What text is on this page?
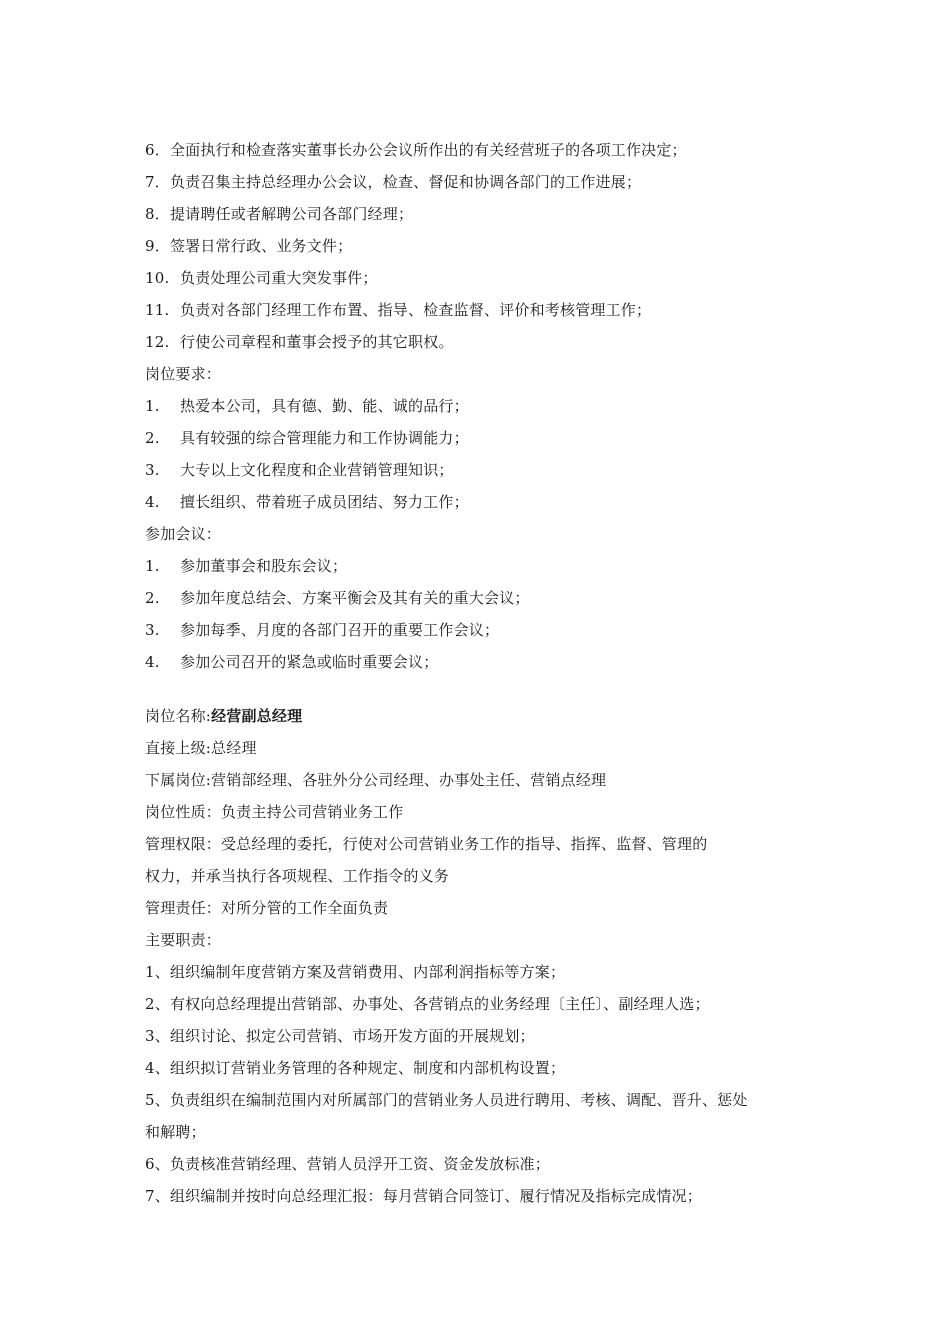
6．全面执行和检查落实董事长办公会议所作出的有关经营班子的各项工作决定；
7．负责召集主持总经理办公会议，检查、督促和协调各部门的工作进展；
8．提请聘任或者解聘公司各部门经理；
9．签署日常行政、业务文件；
10. 负责处理公司重大突发事件；
11. 负责对各部门经理工作布置、指导、检查监督、评价和考核管理工作；
12. 行使公司章程和董事会授予的其它职权。
岗位要求：
1. 热爱本公司，具有德、勤、能、诚的品行；
2. 具有较强的综合管理能力和工作协调能力；
3. 大专以上文化程度和企业营销管理知识；
4. 擅长组织、带着班子成员团结、努力工作；
参加会议：
1. 参加董事会和股东会议；
2. 参加年度总结会、方案平衡会及其有关的重大会议；
3. 参加每季、月度的各部门召开的重要工作会议；
4. 参加公司召开的紧急或临时重要会议；
岗位名称:经营副总经理
直接上级:总经理
下属岗位:营销部经理、各驻外分公司经理、办事处主任、营销点经理
岗位性质：负责主持公司营销业务工作
管理权限：受总经理的委托，行使对公司营销业务工作的指导、指挥、监督、管理的
权力，并承当执行各项规程、工作指令的义务
管理责任：对所分管的工作全面负责
主要职责：
1、组织编制年度营销方案及营销费用、内部利润指标等方案；
2、有权向总经理提出营销部、办事处、各营销点的业务经理〔主任〕、副经理人选；
3、组织讨论、拟定公司营销、市场开发方面的开展规划；
4、组织拟订营销业务管理的各种规定、制度和内部机构设置；
5、负责组织在编制范围内对所属部门的营销业务人员进行聘用、考核、调配、晋升、惩处
和解聘；
6、负责核准营销经理、营销人员浮开工资、资金发放标准；
7、组织编制并按时向总经理汇报：每月营销合同签订、履行情况及指标完成情况；
